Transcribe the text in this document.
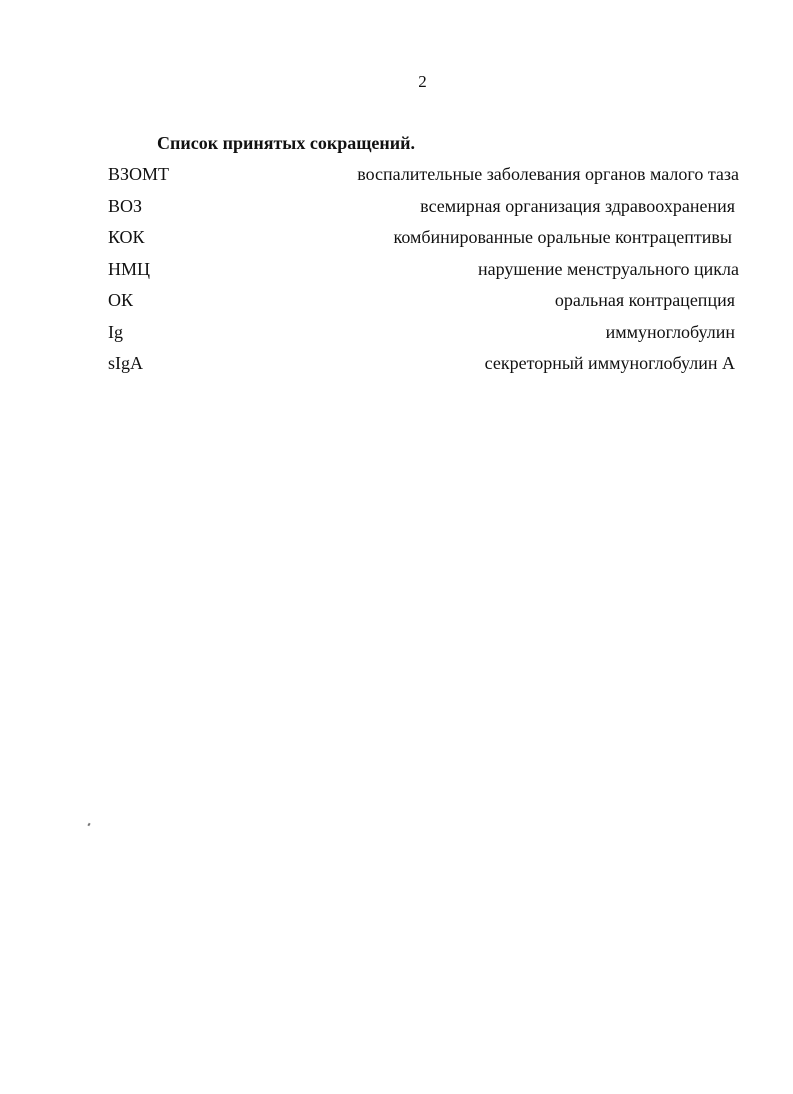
2
Список принятых сокращений.
ВЗОМТ	воспалительные заболевания органов малого таза
ВОЗ	всемирная организация здравоохранения
КОК	комбинированные оральные контрацептивы
НМЦ	нарушение менструального цикла
ОК	оральная контрацепция
Ig	иммуноглобулин
sIgA	секреторный иммуноглобулин А
